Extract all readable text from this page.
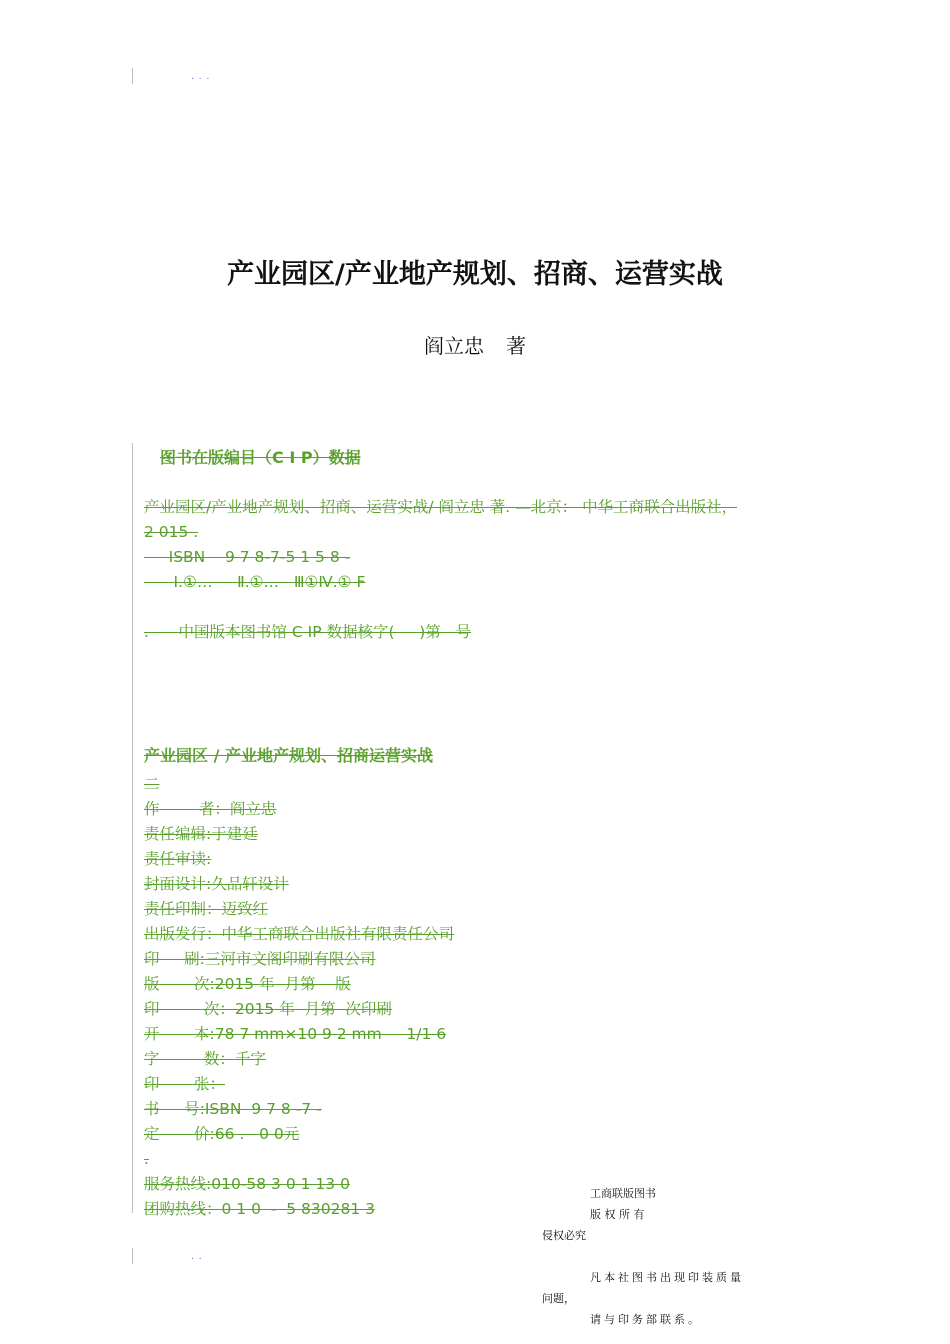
. . .
产业园区/产业地产规划、招商、运营实战
阎立忠 著
图书在版编目（C I P）数据
产业园区/产业地产规划、招商、运营实战/ 阎立忠 著. —北京： 中华工商联合出版社，
2 015 .
ISBN    9 7 8-7-5 1 5 8 -
Ⅰ.①…     Ⅱ.①…   Ⅲ①Ⅳ.① F
.      中国版本图书馆 C IP 数据核字(     )第   号
产业园区 / 产业地产规划、招商运营实战
二
作        者：阎立忠
责任编辑:于建廷
责任审读:
封面设计:久品轩设计
责任印制：迈致红
出版发行：中华工商联合出版社有限责任公司
印     刷:三河市文阁印刷有限公司
版       次:2015 年  月第    版
印         次：2015 年  月第  次印刷
开       本:78 7 mm×10 9 2 mm     1/1 6
字         数：千字
印       张：
书     号:ISBN  9 7 8 -7 -
定       价:66 .   0 0元
.
服务热线:010-58 3 0 1 13 0
团购热线：0 1 0  -  5 830281 3
工商联版图书
版 权 所 有
侵权必究
凡本社图书出现印装质量
问题，
请与印务部联系。
. .
